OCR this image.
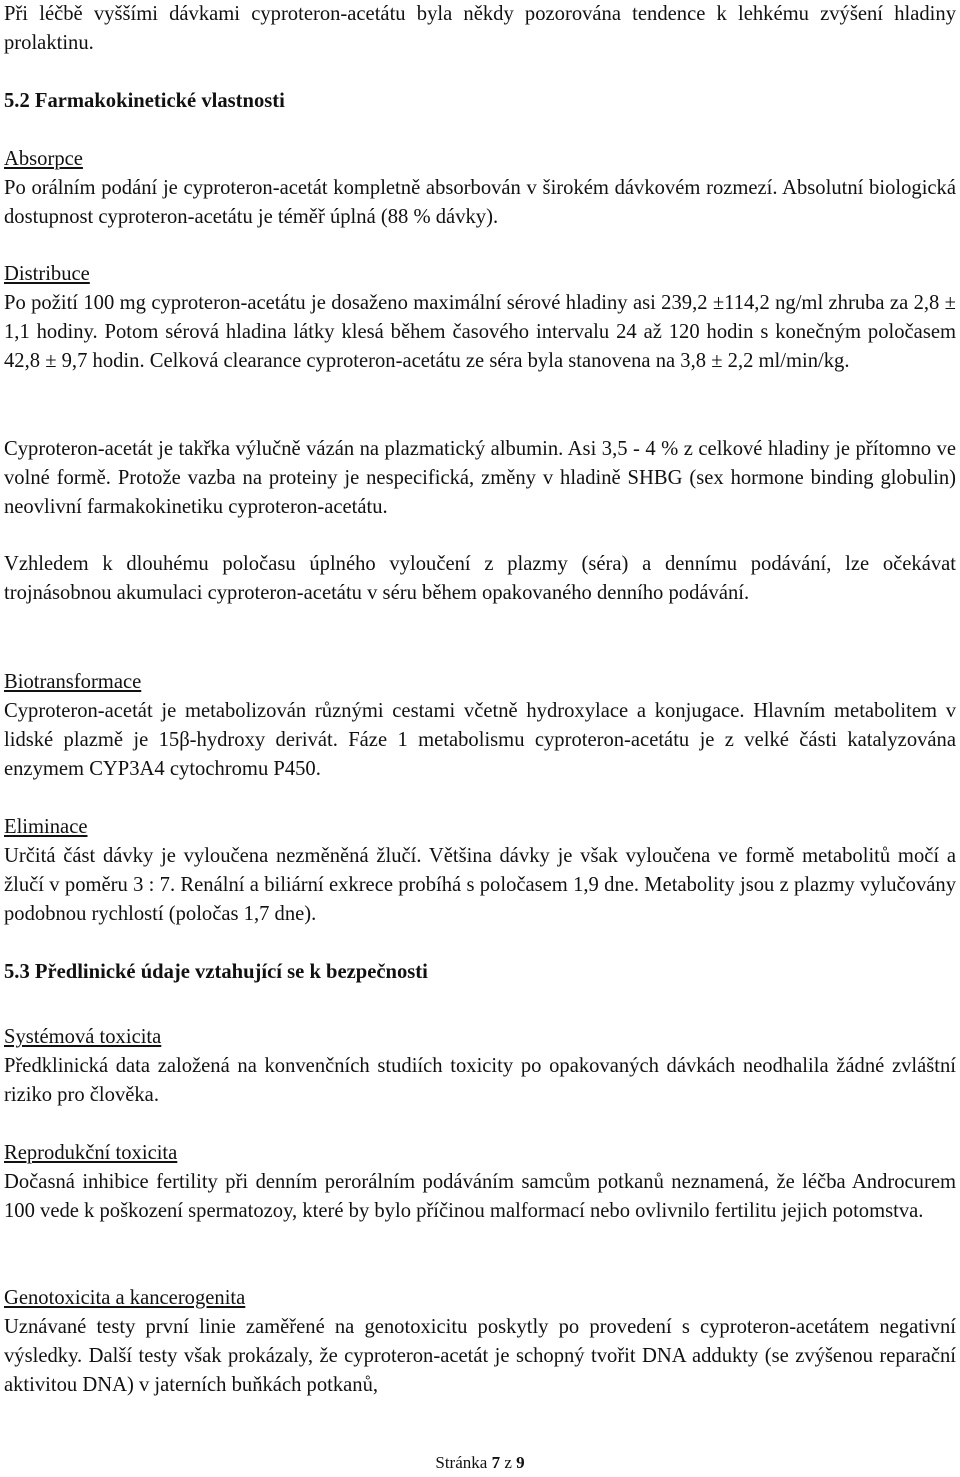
Při léčbě vyššími dávkami cyproteron-acetátu byla někdy pozorována tendence k lehkému zvýšení hladiny prolaktinu.
5.2 Farmakokinetické vlastnosti
Absorpce
Po orálním podání je cyproteron-acetát kompletně absorbován v širokém dávkovém rozmezí. Absolutní biologická dostupnost cyproteron-acetátu je téměř úplná (88 % dávky).
Distribuce
Po požití 100 mg cyproteron-acetátu je dosaženo maximální sérové hladiny asi 239,2 ±114,2 ng/ml zhruba za 2,8 ± 1,1 hodiny. Potom sérová hladina látky klesá během časového intervalu 24 až 120 hodin s konečným poločasem 42,8 ± 9,7 hodin. Celková clearance cyproteron-acetátu ze séra byla stanovena na 3,8 ± 2,2 ml/min/kg.
Cyproteron-acetát je takřka výlučně vázán na plazmatický albumin. Asi 3,5 - 4 % z celkové hladiny je přítomno ve volné formě. Protože vazba na proteiny je nespecifická, změny v hladině SHBG (sex hormone binding globulin) neovlivní farmakokinetiku cyproteron-acetátu.
Vzhledem k dlouhému poločasu úplného vyloučení z plazmy (séra) a dennímu podávání, lze očekávat trojnásobnou akumulaci cyproteron-acetátu v séru během opakovaného denního podávání.
Biotransformace
Cyproteron-acetát je metabolizován různými cestami včetně hydroxylace a konjugace. Hlavním metabolitem v lidské plazmě je 15β-hydroxy derivát. Fáze 1 metabolismu cyproteron-acetátu je z velké části katalyzována enzymem CYP3A4 cytochromu P450.
Eliminace
Určitá část dávky je vyloučena nezměněná žlučí. Většina dávky je však vyloučena ve formě metabolitů močí a žlučí v poměru 3 : 7. Renální a biliární exkrece probíhá s poločasem 1,9 dne. Metabolity jsou z plazmy vylučovány podobnou rychlostí (poločas 1,7 dne).
5.3 Předlinické údaje vztahující se k bezpečnosti
Systémová toxicita
Předklinická data založená na konvenčních studiích toxicity po opakovaných dávkách neodhalila žádné zvláštní riziko pro člověka.
Reprodukční toxicita
Dočasná inhibice fertility při denním perorálním podáváním samcům potkanů neznamená, že léčba Androcurem 100 vede k poškození spermatozoy, které by bylo příčinou malformací nebo ovlivnilo fertilitu jejich potomstva.
Genotoxicita a kancerogenita
Uznávané testy první linie zaměřené na genotoxicitu poskytly po provedení s cyproteron-acetátem negativní výsledky. Další testy však prokázaly, že cyproteron-acetát je schopný tvořit DNA addukty (se zvýšenou reparační aktivitou DNA) v jaterních buňkách potkanů,
Stránka 7 z 9
